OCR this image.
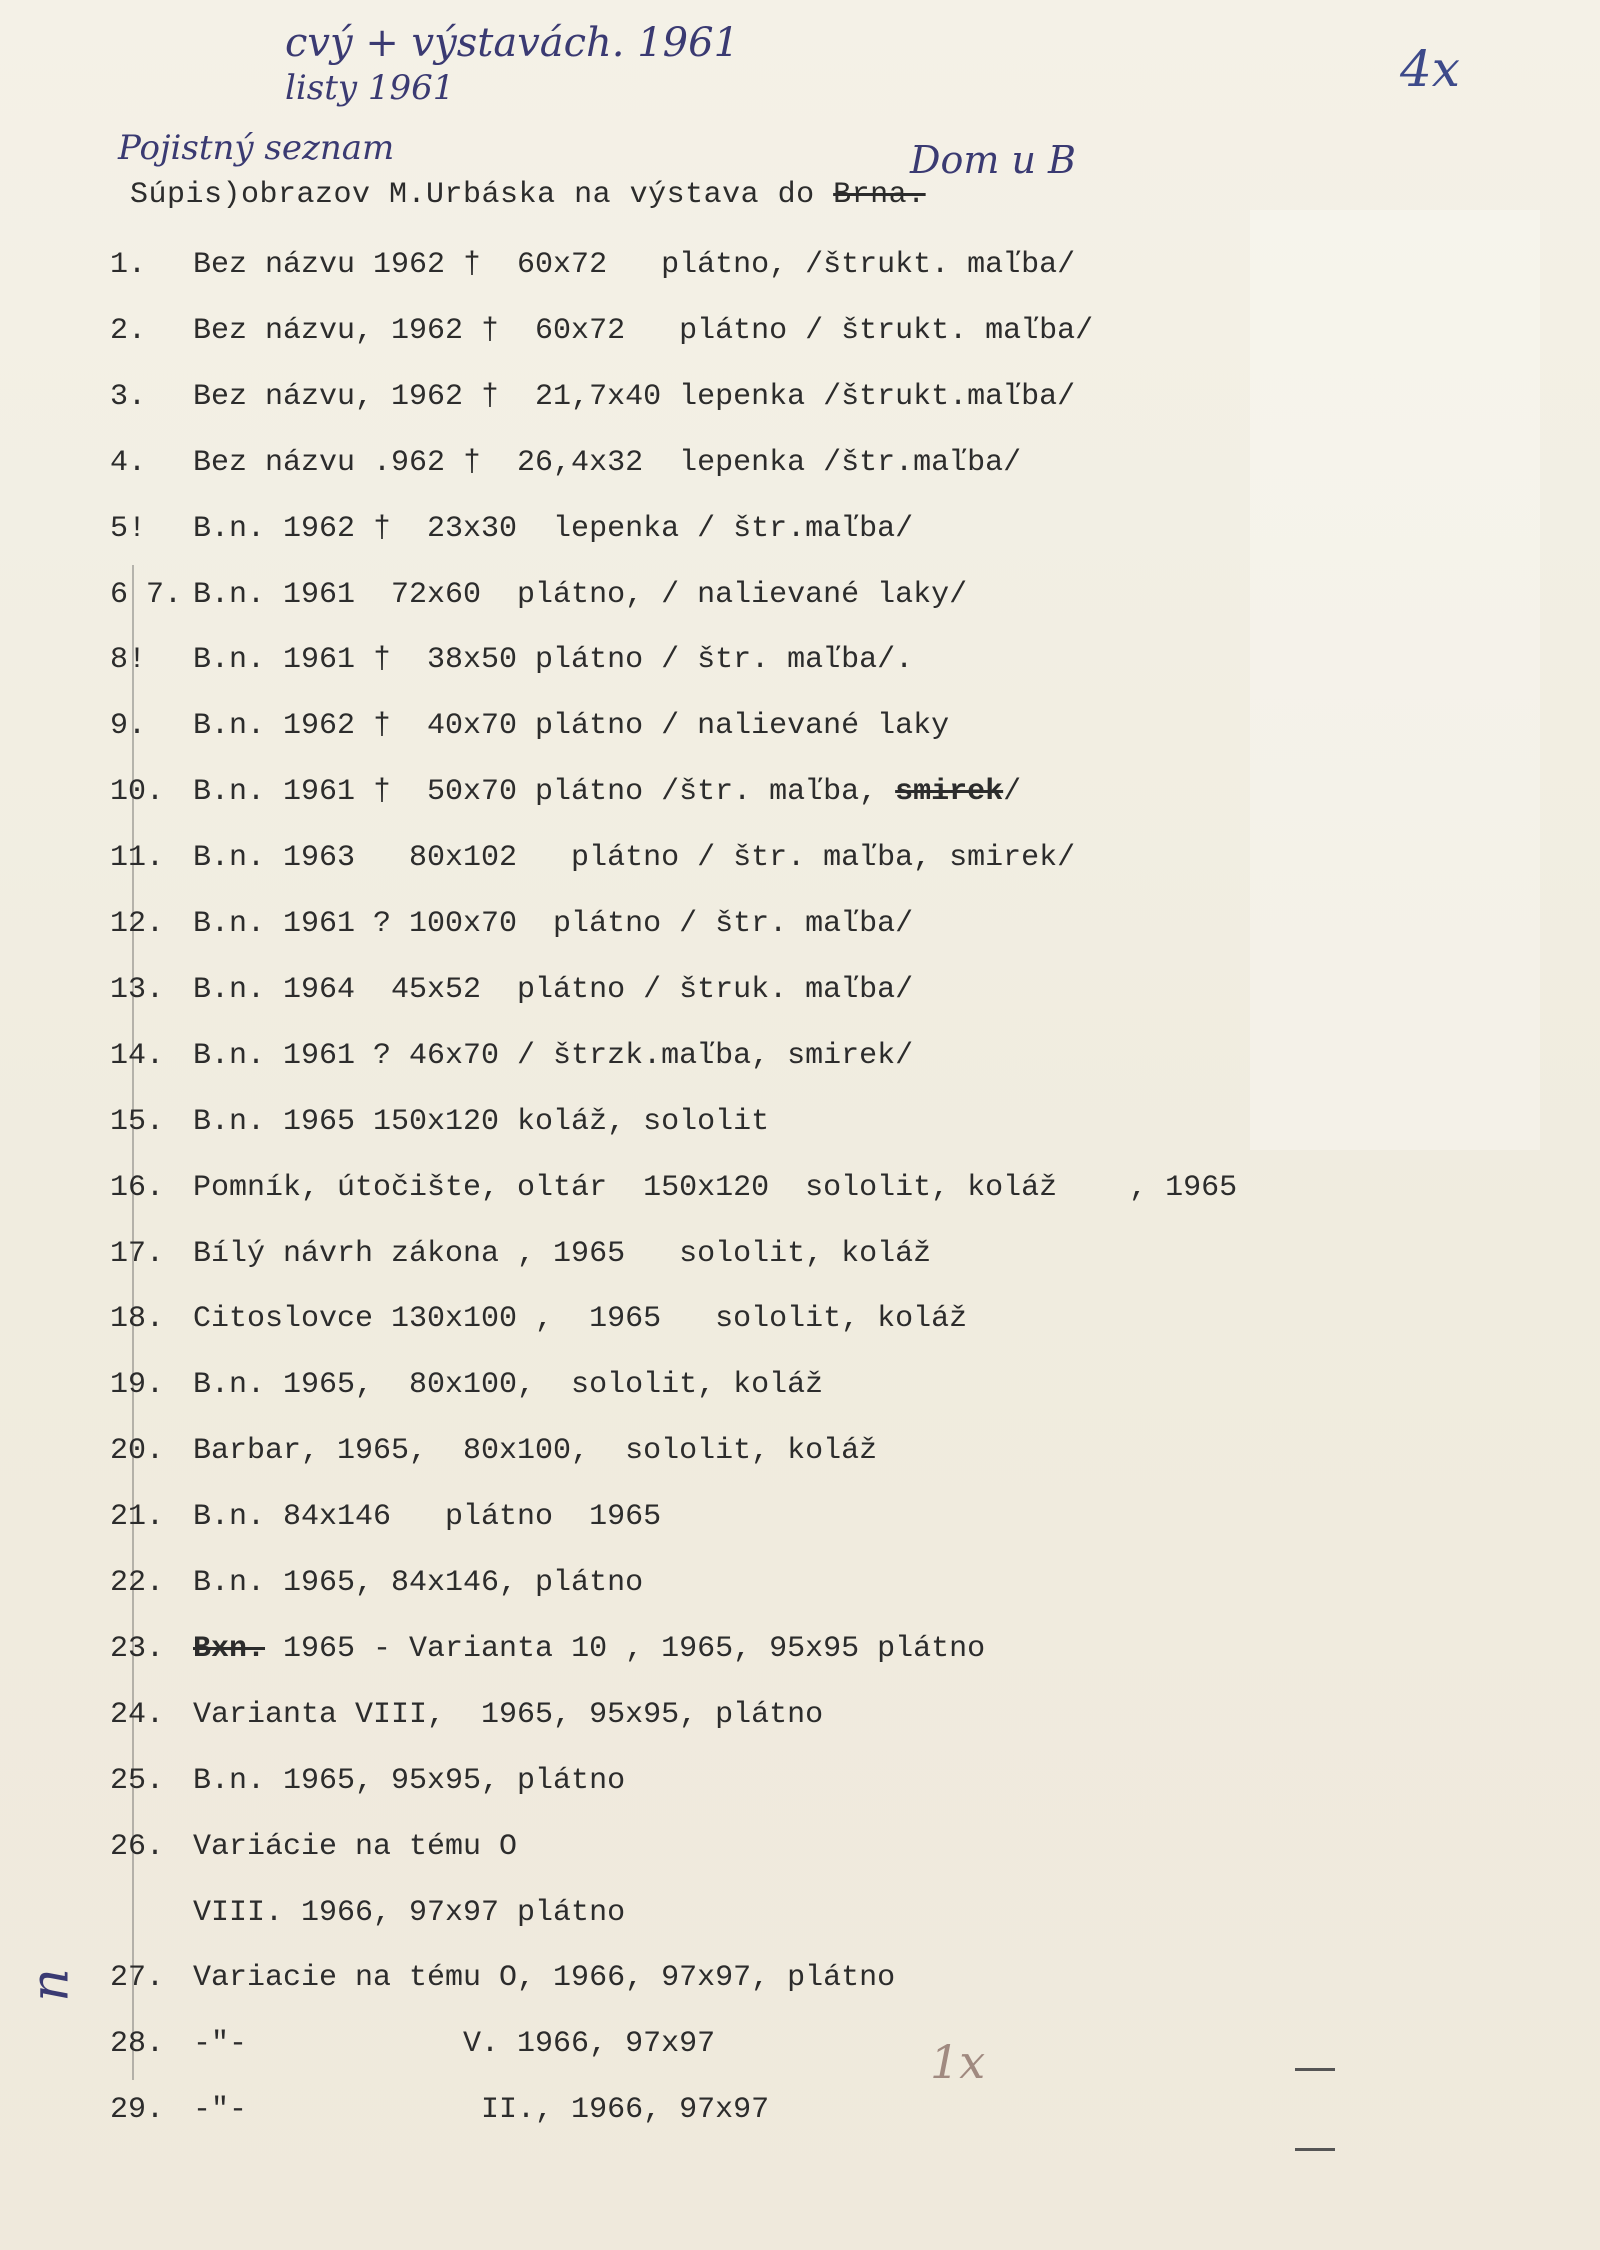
cvý + výstavách. 1961
listy 1961	4x
Pojistný seznam	Dom u B
u
1x
Súpis)obrazov M.Urbáska na výstava do Brna.
1. Bez názvu 1962 †  60x72   plátno, /štrukt. maľba/
2. Bez názvu, 1962 †  60x72   plátno / štrukt. maľba/
3. Bez názvu, 1962 †  21,7x40 lepenka /štrukt.maľba/
4. Bez názvu .962 †  26,4x32  lepenka /štr.maľba/
5! B.n. 1962 †  23x30  lepenka / štr.maľba/
6 7. B.n. 1961  72x60  plátno, / nalievané laky/
8! B.n. 1961 †  38x50 plátno / štr. maľba/.
9. B.n. 1962 †  40x70 plátno / nalievané laky
10. B.n. 1961 †  50x70 plátno /štr. maľba, smirek/
11. B.n. 1963   80x102   plátno / štr. maľba, smirek/
12. B.n. 1961 ? 100x70  plátno / štr. maľba/
13. B.n. 1964  45x52  plátno / štruk. maľba/
14. B.n. 1961 ? 46x70 / štrzk.maľba, smirek/
15. B.n. 1965 150x120 koláž, sololit
16. Pomník, útočište, oltár  150x120  sololit, koláž    , 1965
17. Bílý návrh zákona , 1965   sololit, koláž
18. Citoslovce 130x100 ,  1965   sololit, koláž
19. B.n. 1965,  80x100,  sololit, koláž
20. Barbar, 1965,  80x100,  sololit, koláž
21. B.n. 84x146   plátno  1965
22. B.n. 1965, 84x146, plátno
23. Bxn. 1965 - Varianta 10 , 1965, 95x95 plátno
24. Varianta VIII,  1965, 95x95, plátno
25. B.n. 1965, 95x95, plátno
26. Variácie na tému O
VIII. 1966, 97x97 plátno
27. Variacie na tému O, 1966, 97x97, plátno
28. -"-            V. 1966, 97x97
29. -"-             II., 1966, 97x97
